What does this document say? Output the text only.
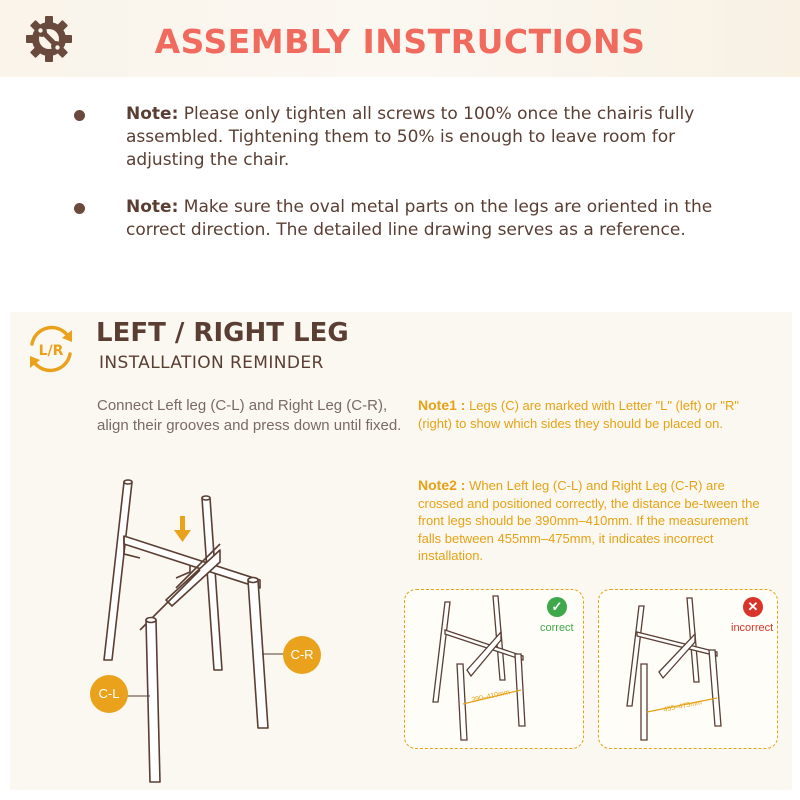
ASSEMBLY INSTRUCTIONS
Note: Please only tighten all screws to 100% once the chairis fully assembled. Tightening them to 50% is enough to leave room for adjusting the chair.
Note: Make sure the oval metal parts on the legs are oriented in the correct direction. The detailed line drawing serves as a reference.
L/R
LEFT / RIGHT LEG
INSTALLATION REMINDER
Connect Left leg (C-L) and Right Leg (C-R), align their grooves and press down until fixed.
Note1 : Legs (C) are marked with Letter "L" (left) or "R" (right) to show which sides they should be placed on.
Note2 : When Left leg (C-L) and Right Leg (C-R) are crossed and positioned correctly, the distance be-tween the front legs should be 390mm–410mm. If the measurement falls between 455mm–475mm, it indicates incorrect installation.
C-L
C-R
390–410mm
✓
correct
455–475mm
✕
incorrect
